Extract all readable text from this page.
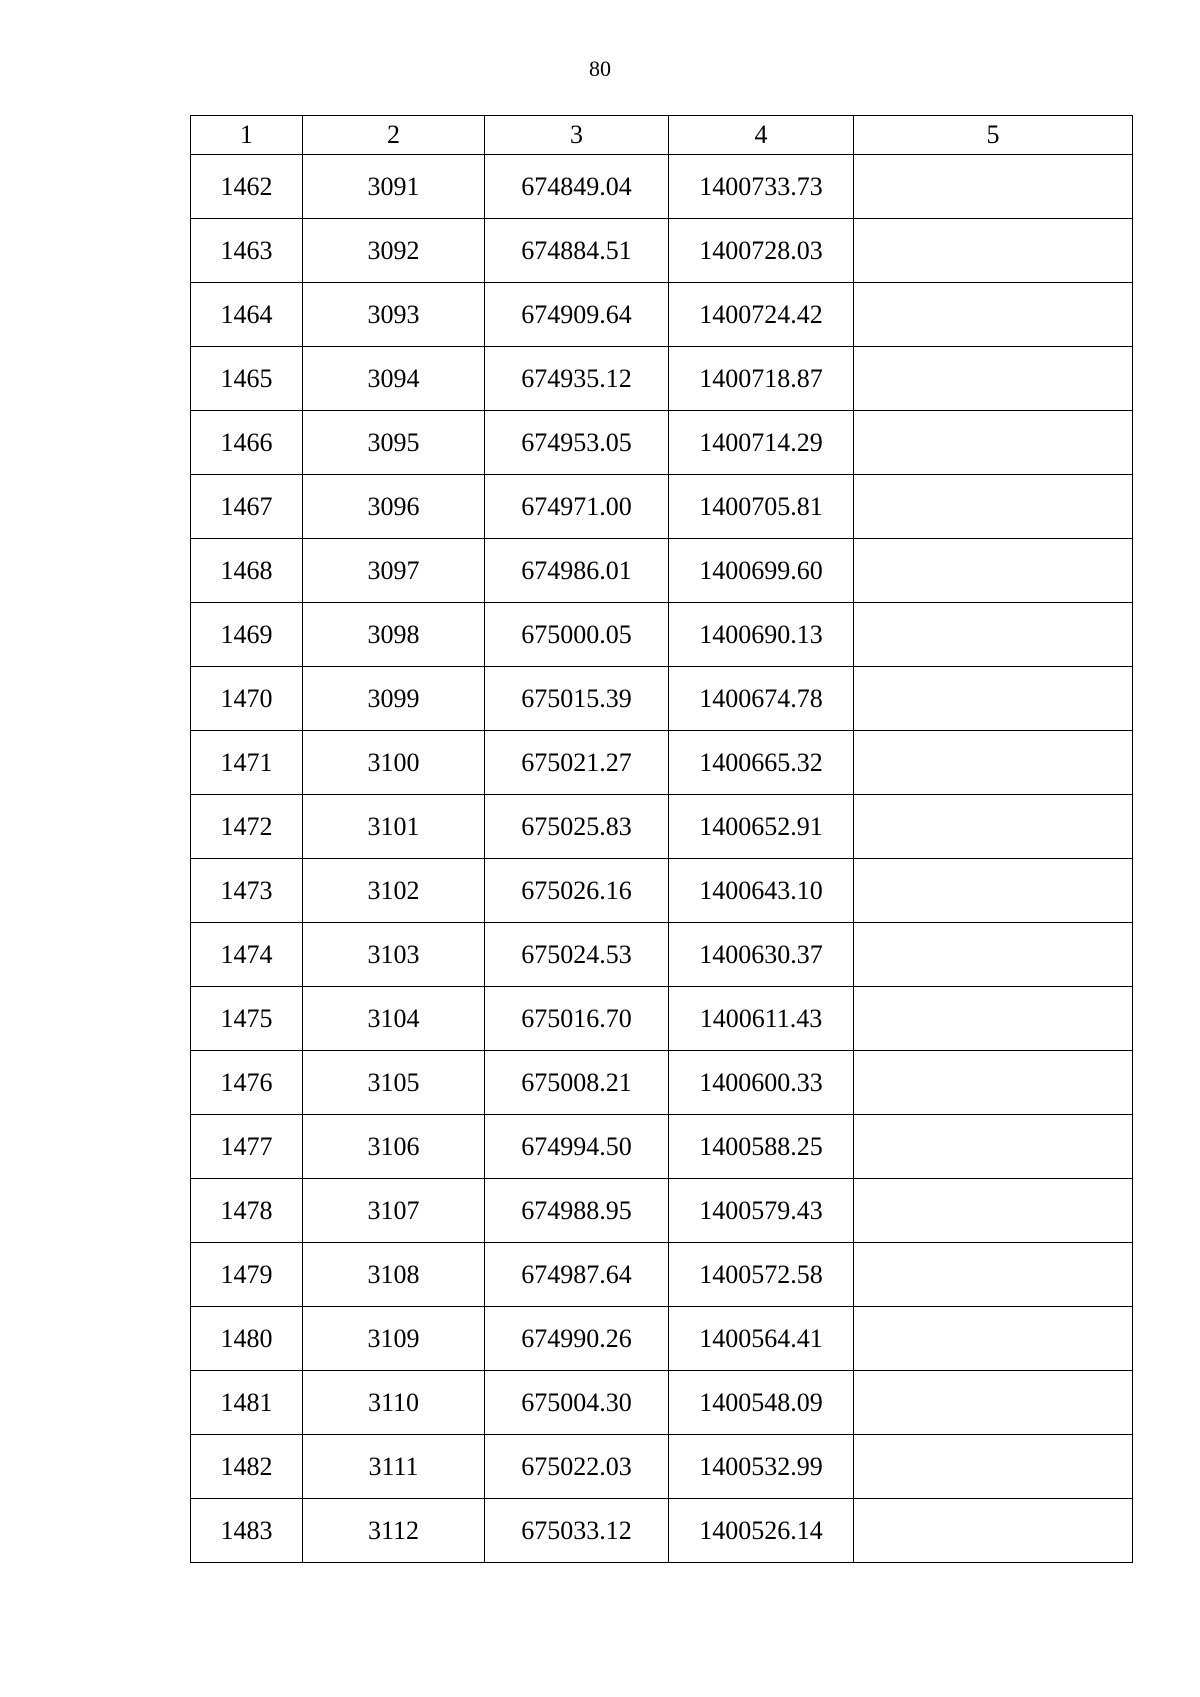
80
1	2	3	4	5
1462	3091	674849.04	1400733.73	
1463	3092	674884.51	1400728.03	
1464	3093	674909.64	1400724.42	
1465	3094	674935.12	1400718.87	
1466	3095	674953.05	1400714.29	
1467	3096	674971.00	1400705.81	
1468	3097	674986.01	1400699.60	
1469	3098	675000.05	1400690.13	
1470	3099	675015.39	1400674.78	
1471	3100	675021.27	1400665.32	
1472	3101	675025.83	1400652.91	
1473	3102	675026.16	1400643.10	
1474	3103	675024.53	1400630.37	
1475	3104	675016.70	1400611.43	
1476	3105	675008.21	1400600.33	
1477	3106	674994.50	1400588.25	
1478	3107	674988.95	1400579.43	
1479	3108	674987.64	1400572.58	
1480	3109	674990.26	1400564.41	
1481	3110	675004.30	1400548.09	
1482	3111	675022.03	1400532.99	
1483	3112	675033.12	1400526.14	
